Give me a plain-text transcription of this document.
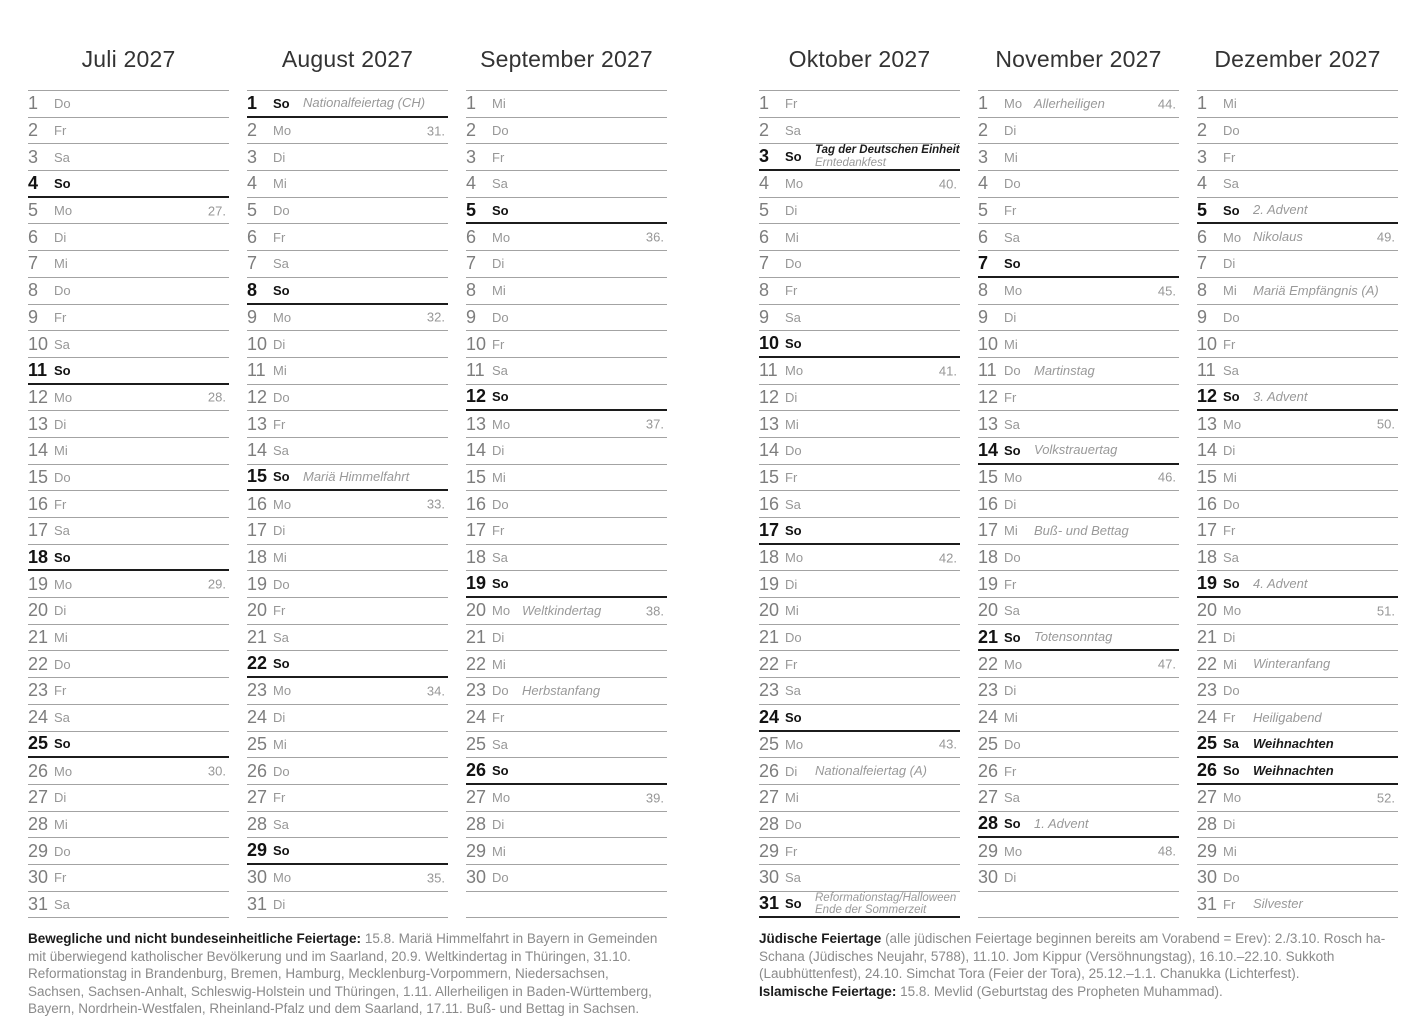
Juli 2027
1	Do
2	Fr
3	Sa
4	So
5	Mo	27.
6	Di
7	Mi
8	Do
9	Fr
10 Sa
11 So
12 Mo	28.
13 Di
14 Mi
15 Do
16 Fr
17 Sa
18 So
19 Mo	29.
20 Di
21 Mi
22 Do
23 Fr
24 Sa
25 So
26 Mo	30.
27 Di
28 Mi
29 Do
30 Fr
31 Sa
August 2027
1	So	Nationalfeiertag (CH)
2	Mo	31.
3	Di
4	Mi
5	Do
6	Fr
7	Sa
8	So
9	Mo	32.
10 Di
11 Mi
12 Do
13 Fr
14 Sa
15 So	Mariä Himmelfahrt
16 Mo	33.
17 Di
18 Mi
19 Do
20 Fr
21 Sa
22 So
23 Mo	34.
24 Di
25 Mi
26 Do
27 Fr
28 Sa
29 So
30 Mo	35.
31 Di
September 2027
1	Mi
2	Do
3	Fr
4	Sa
5	So
6	Mo	36.
7	Di
8	Mi
9	Do
10 Fr
11 Sa
12 So
13 Mo	37.
14 Di
15 Mi
16 Do
17 Fr
18 Sa
19 So
20 Mo Weltkindertag	38.
21 Di
22 Mi
23 Do	Herbstanfang
24 Fr
25 Sa
26 So
27 Mo	39.
28 Di
29 Mi
30 Do
Oktober 2027
1	Fr
2	Sa
3	So	Tag der Deutschen Einheit
Erntedankfest
4	Mo	40.
5	Di
6	Mi
7	Do
8	Fr
9	Sa
10 So
11 Mo	41.
12 Di
13 Mi
14 Do
15 Fr
16 Sa
17 So
18 Mo	42.
19 Di
20 Mi
21 Do
22 Fr
23 Sa
24 So
25 Mo	43.
26 Di	Nationalfeiertag (A)
27 Mi
28 Do
29 Fr
30 Sa
31 So	Reformationstag/Halloween
Ende der Sommerzeit
November 2027
1	Mo Allerheiligen	44.
2	Di
3	Mi
4	Do
5	Fr
6	Sa
7	So
8	Mo	45.
9	Di
10 Mi
11 Do	Martinstag
12 Fr
13 Sa
14 So	Volkstrauertag
15 Mo	46.
16 Di
17 Mi	Buß- und Bettag
18 Do
19 Fr
20 Sa
21 So	Totensonntag
22 Mo	47.
23 Di
24 Mi
25 Do
26 Fr
27 Sa
28 So	1. Advent
29 Mo	48.
30 Di
Dezember 2027
1	Mi
2	Do
3	Fr
4	Sa
5	So	2. Advent
6	Mo Nikolaus	49.
7	Di
8	Mi	Mariä Empfängnis (A)
9	Do
10 Fr
11 Sa
12 So	3. Advent
13 Mo	50.
14 Di
15 Mi
16 Do
17 Fr
18 Sa
19 So	4. Advent
20 Mo	51.
21 Di
22 Mi	Winteranfang
23 Do
24 Fr	Heiligabend
25 Sa	Weihnachten
26 So	Weihnachten
27 Mo	52.
28 Di
29 Mi
30 Do
31 Fr	Silvester

Bewegliche und nicht bundeseinheitliche Feiertage: 15.8. Mariä Himmelfahrt in Bayern in Gemeinden mit überwiegend katholischer Bevölkerung und im Saarland, 20.9. Weltkindertag in Thüringen, 31.10. Reformationstag in Brandenburg, Bremen, Hamburg, Mecklenburg-Vorpommern, Niedersachsen, Sachsen, Sachsen-Anhalt, Schleswig-Holstein und Thüringen, 1.11. Allerheiligen in Baden-Württemberg, Bayern, Nordrhein-Westfalen, Rheinland-Pfalz und dem Saarland, 17.11. Buß- und Bettag in Sachsen.

Jüdische Feiertage (alle jüdischen Feiertage beginnen bereits am Vorabend = Erev): 2./3.10. Rosch ha-Schana (Jüdisches Neujahr, 5788), 11.10. Jom Kippur (Versöhnungstag), 16.10.–22.10. Sukkoth (Laubhüttenfest), 24.10. Simchat Tora (Feier der Tora), 25.12.–1.1. Chanukka (Lichterfest).

Islamische Feiertage: 15.8. Mevlid (Geburtstag des Propheten Muhammad).
